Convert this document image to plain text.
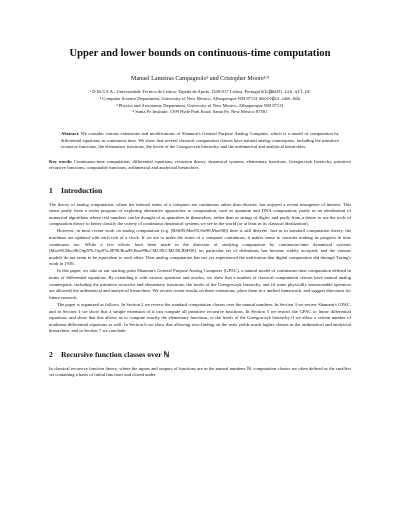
Upper and lower bounds on continuous-time computation
Manuel Lameiras Campagnolo¹ and Cristopher Moore²ʳ⁴
¹ D.M./I.S.A., Universidade Técnica de Lisboa, Tapada da Ajuda, 1349-017 Lisboa, Portugal mlc@math.isa.utl.pt
² Computer Science Department, University of New Mexico, Albuquerque NM 87131 moore@cs.unm.edu
³ Physics and Astronomy Department, University of New Mexico, Albuquerque NM 87131
⁴ Santa Fe Institute, 1399 Hyde Park Road, Santa Fe, New Mexico 87501
Abstract. We consider various extensions and modifications of Shannon's General Purpose Analog Computer, which is a model of computation by differential equations in continuous time. We show that several classical computation classes have natural analog counterparts, including the primitive recursive functions, the elementary functions, the levels of the Grzegorczyk hierarchy, and the arithmetical and analytical hierarchies.
Key words: Continuous-time computation, differential equations, recursion theory, dynamical systems, elementary functions, Grzegorczyk hierarchy, primitive recursive functions, computable functions, arithmetical and analytical hierarchies.
1 Introduction

The theory of analog computation, where the internal states of a computer are continuous rather than discrete, has enjoyed a recent resurgence of interest. This stems partly from a wider program of exploring alternative approaches to computation, such as quantum and DNA computation; partly as an idealization of numerical algorithms where real numbers can be thought of as quantities in themselves, rather than as strings of digits; and partly from a desire to use the tools of computation theory to better classify the variety of continuous dynamical systems we see in the world (or at least in its classical idealization).

However, in most recent work on analog computation (e.g. [BSS89,Mee93,Sie98,Moo98]) time is still discrete. Just as in standard computation theory, the machines are updated with each tick of a clock. If we are to make the states of a computer continuous, it makes sense to consider making its progress in time continuous too. While a few efforts have been made in the direction of studying computation by continuous-time dynamical systems [Moo90,Moo96,Orp97b,Orp97a,SF98,Bou99,Bou99b,CMC99,CMC00,BSF00], no particular set of definitions has become widely accepted, and the various models do not seem to be equivalent to each other. Thus analog computation has not yet experienced the unification that digital computation did through Turing's work in 1936.

In this paper, we take as our starting point Shannon's General Purpose Analog Computer (GPAC), a natural model of continuous-time computation defined in terms of differential equations. By extending it with various operators and oracles, we show that a number of classical computation classes have natural analog counterparts, including the primitive recursive and elementary functions, the levels of the Grzegorczyk hierarchy, and (if some physically unreasonable operators are allowed) the arithmetical and analytical hierarchies. We review recent results on these extensions, place them in a unified framework, and suggest directions for future research.

The paper is organized as follows. In Section 2 we review the standard computation classes over the natural numbers. In Section 3 we review Shannon's GPAC, and in Section 4 we show that a simple extension of it can compute all primitive recursive functions. In Section 5 we restrict the GPAC to linear differential equations, and show that this allows us to compute exactly the elementary functions, or the levels of the Grzegorczyk hierarchy if we allow a certain number of nonlinear differential equations as well. In Section 6 we show that allowing zero-finding on the reals yields much higher classes in the arithmetical and analytical hierarchies, and in Section 7 we conclude.

2 Recursive function classes over ℕ

In classical recursive function theory, where the inputs and outputs of functions are in the natural numbers ℕ, computation classes are often defined as the smallest set containing a basis of initial functions and closed under
